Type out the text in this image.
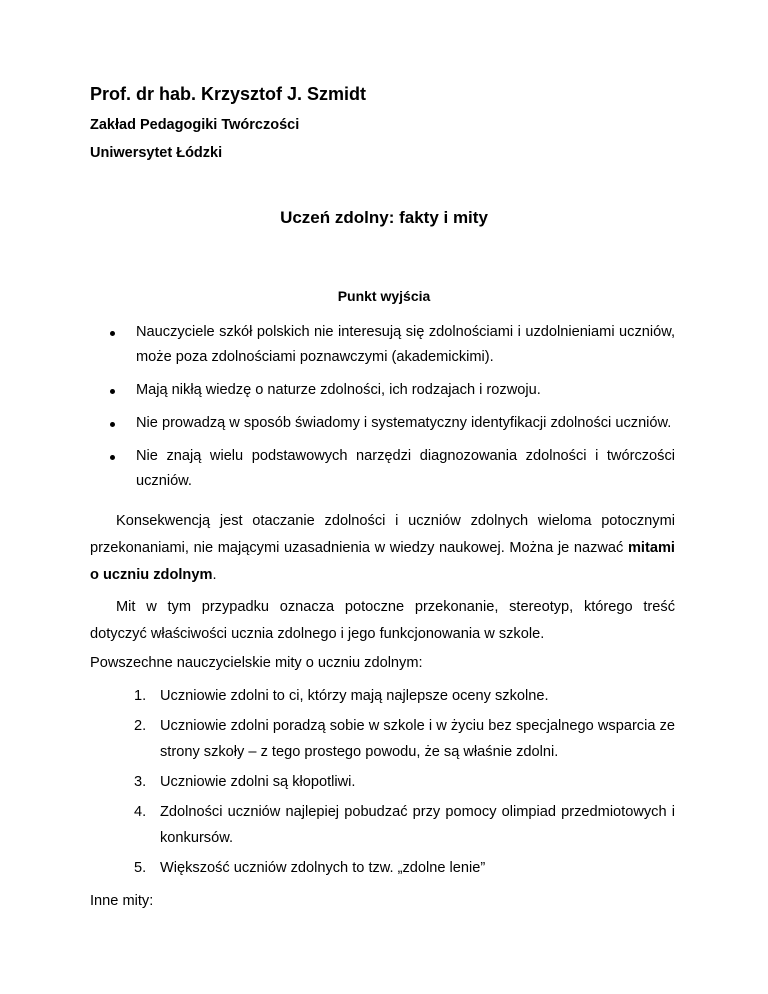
Prof. dr hab. Krzysztof J. Szmidt
Zakład Pedagogiki Twórczości
Uniwersytet Łódzki
Uczeń zdolny: fakty i mity
Punkt wyjścia
Nauczyciele szkół polskich nie interesują się zdolnościami i uzdolnieniami uczniów, może poza zdolnościami poznawczymi (akademickimi).
Mają nikłą wiedzę o naturze zdolności, ich rodzajach i rozwoju.
Nie prowadzą w sposób świadomy i systematyczny identyfikacji zdolności uczniów.
Nie znają wielu podstawowych narzędzi diagnozowania zdolności i twórczości uczniów.

Konsekwencją jest otaczanie zdolności i uczniów zdolnych wieloma potocznymi przekonaniami, nie mającymi uzasadnienia w wiedzy naukowej. Można je nazwać mitami o uczniu zdolnym.

Mit w tym przypadku oznacza potoczne przekonanie, stereotyp, którego treść dotyczyć właściwości ucznia zdolnego i jego funkcjonowania w szkole.

Powszechne nauczycielskie mity o uczniu zdolnym:

1. Uczniowie zdolni to ci, którzy mają najlepsze oceny szkolne.
2. Uczniowie zdolni poradzą sobie w szkole i w życiu bez specjalnego wsparcia ze strony szkoły – z tego prostego powodu, że są właśnie zdolni.
3. Uczniowie zdolni są kłopotliwi.
4. Zdolności uczniów najlepiej pobudzać przy pomocy olimpiad przedmiotowych i konkursów.
5. Większość uczniów zdolnych to tzw. „zdolne lenie”
Inne mity:
